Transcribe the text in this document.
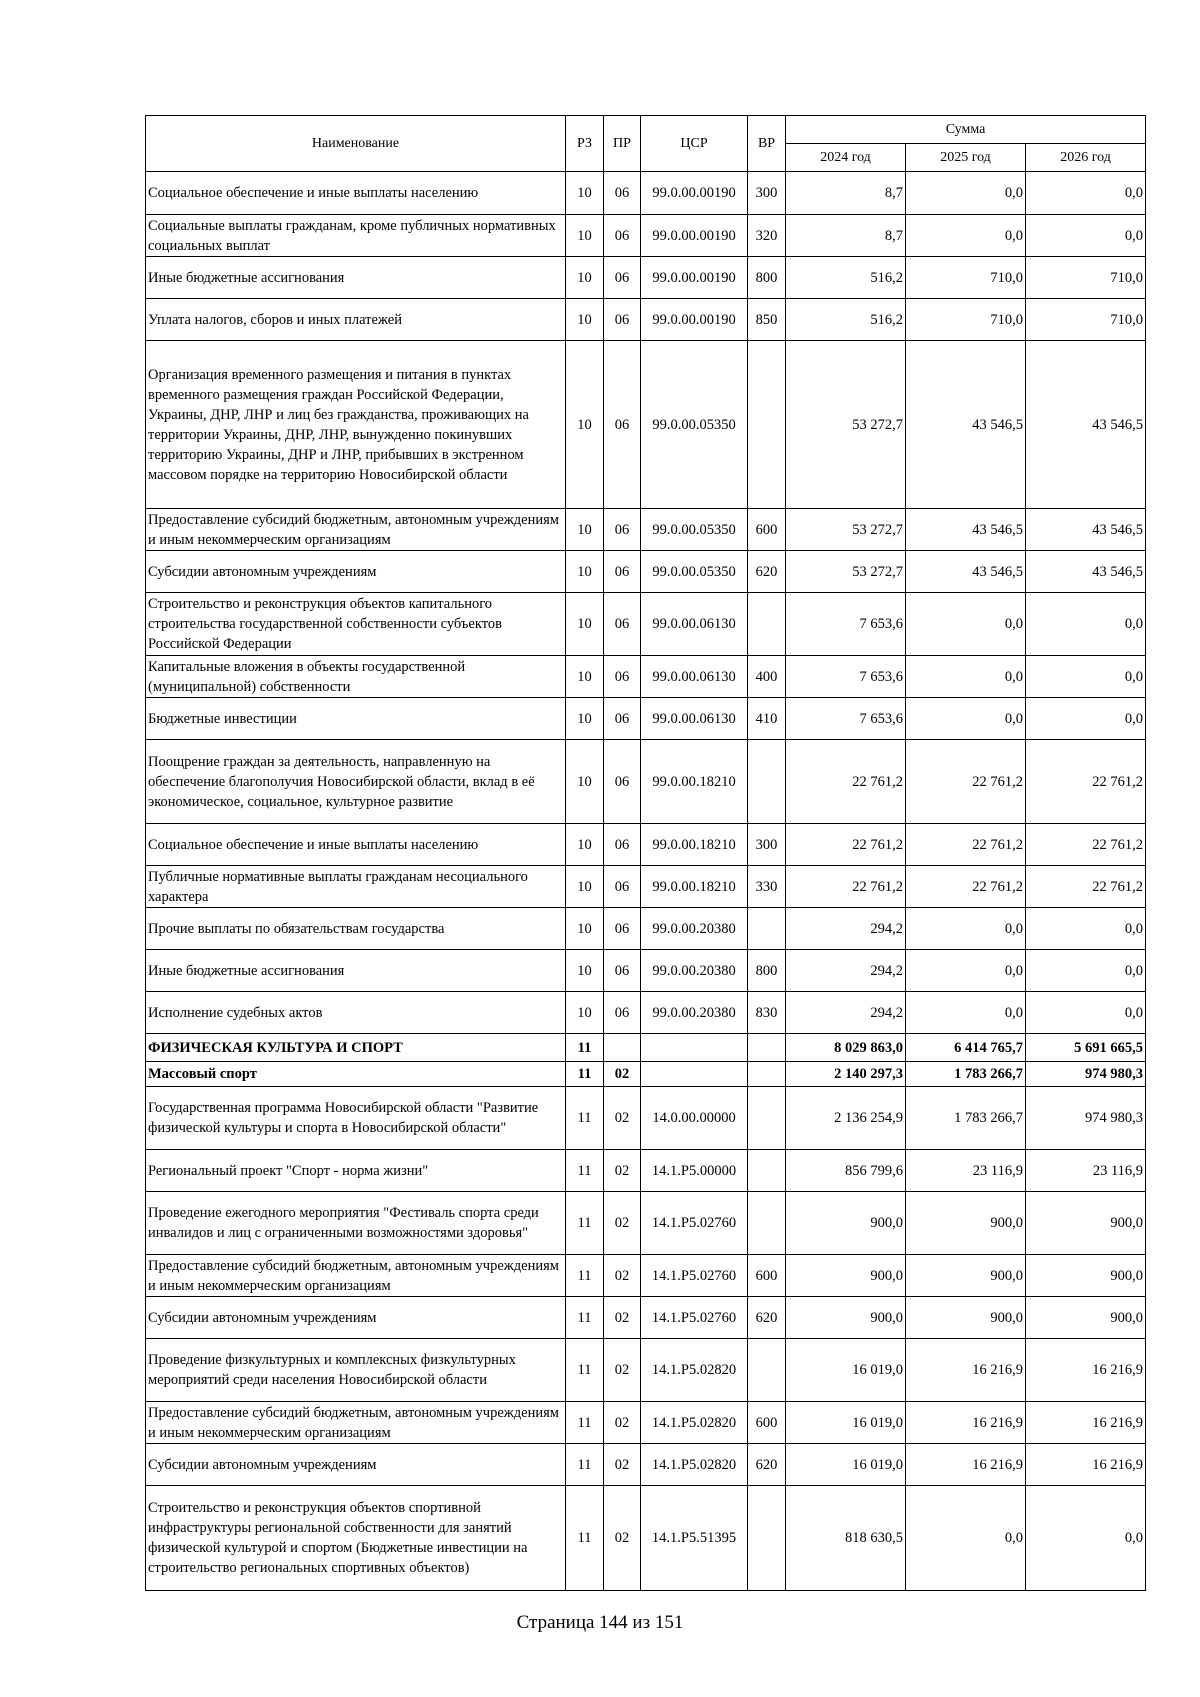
Наименование	РЗ	ПР	ЦСР	ВР	Сумма		
					2024 год	2025 год	2026 год
Социальное обеспечение и иные выплаты населению	10	06	99.0.00.00190	300	8,7	0,0	0,0
Социальные выплаты гражданам, кроме публичных нормативных социальных выплат	10	06	99.0.00.00190	320	8,7	0,0	0,0
Иные бюджетные ассигнования	10	06	99.0.00.00190	800	516,2	710,0	710,0
Уплата налогов, сборов и иных платежей	10	06	99.0.00.00190	850	516,2	710,0	710,0
Организация временного размещения и питания в пунктах временного размещения граждан Российской Федерации, Украины, ДНР, ЛНР и лиц без гражданства, проживающих на территории Украины, ДНР, ЛНР, вынужденно покинувших территорию Украины, ДНР и ЛНР, прибывших в экстренном массовом порядке на территорию Новосибирской области	10	06	99.0.00.05350		53 272,7	43 546,5	43 546,5
Предоставление субсидий бюджетным, автономным учреждениям и иным некоммерческим организациям	10	06	99.0.00.05350	600	53 272,7	43 546,5	43 546,5
Субсидии автономным учреждениям	10	06	99.0.00.05350	620	53 272,7	43 546,5	43 546,5
Строительство и реконструкция объектов капитального строительства государственной собственности субъектов Российской Федерации	10	06	99.0.00.06130		7 653,6	0,0	0,0
Капитальные вложения в объекты государственной (муниципальной) собственности	10	06	99.0.00.06130	400	7 653,6	0,0	0,0
Бюджетные инвестиции	10	06	99.0.00.06130	410	7 653,6	0,0	0,0
Поощрение граждан за деятельность, направленную на обеспечение благополучия Новосибирской области, вклад в её экономическое, социальное, культурное развитие	10	06	99.0.00.18210		22 761,2	22 761,2	22 761,2
Социальное обеспечение и иные выплаты населению	10	06	99.0.00.18210	300	22 761,2	22 761,2	22 761,2
Публичные нормативные выплаты гражданам несоциального характера	10	06	99.0.00.18210	330	22 761,2	22 761,2	22 761,2
Прочие выплаты по обязательствам государства	10	06	99.0.00.20380		294,2	0,0	0,0
Иные бюджетные ассигнования	10	06	99.0.00.20380	800	294,2	0,0	0,0
Исполнение судебных актов	10	06	99.0.00.20380	830	294,2	0,0	0,0
ФИЗИЧЕСКАЯ КУЛЬТУРА И СПОРТ	11				8 029 863,0	6 414 765,7	5 691 665,5
Массовый спорт	11	02			2 140 297,3	1 783 266,7	974 980,3
Государственная программа Новосибирской области "Развитие физической культуры и спорта в Новосибирской области"	11	02	14.0.00.00000		2 136 254,9	1 783 266,7	974 980,3
Региональный проект "Спорт - норма жизни"	11	02	14.1.P5.00000		856 799,6	23 116,9	23 116,9
Проведение ежегодного мероприятия "Фестиваль спорта среди инвалидов и лиц с ограниченными возможностями здоровья"	11	02	14.1.P5.02760		900,0	900,0	900,0
Предоставление субсидий бюджетным, автономным учреждениям и иным некоммерческим организациям	11	02	14.1.P5.02760	600	900,0	900,0	900,0
Субсидии автономным учреждениям	11	02	14.1.P5.02760	620	900,0	900,0	900,0
Проведение физкультурных и комплексных физкультурных мероприятий среди населения Новосибирской области	11	02	14.1.P5.02820		16 019,0	16 216,9	16 216,9
Предоставление субсидий бюджетным, автономным учреждениям и иным некоммерческим организациям	11	02	14.1.P5.02820	600	16 019,0	16 216,9	16 216,9
Субсидии автономным учреждениям	11	02	14.1.P5.02820	620	16 019,0	16 216,9	16 216,9
Строительство и реконструкция объектов спортивной инфраструктуры региональной собственности для занятий физической культурой и спортом (Бюджетные инвестиции на строительство региональных спортивных объектов)	11	02	14.1.P5.51395		818 630,5	0,0	0,0
Страница 144 из 151
